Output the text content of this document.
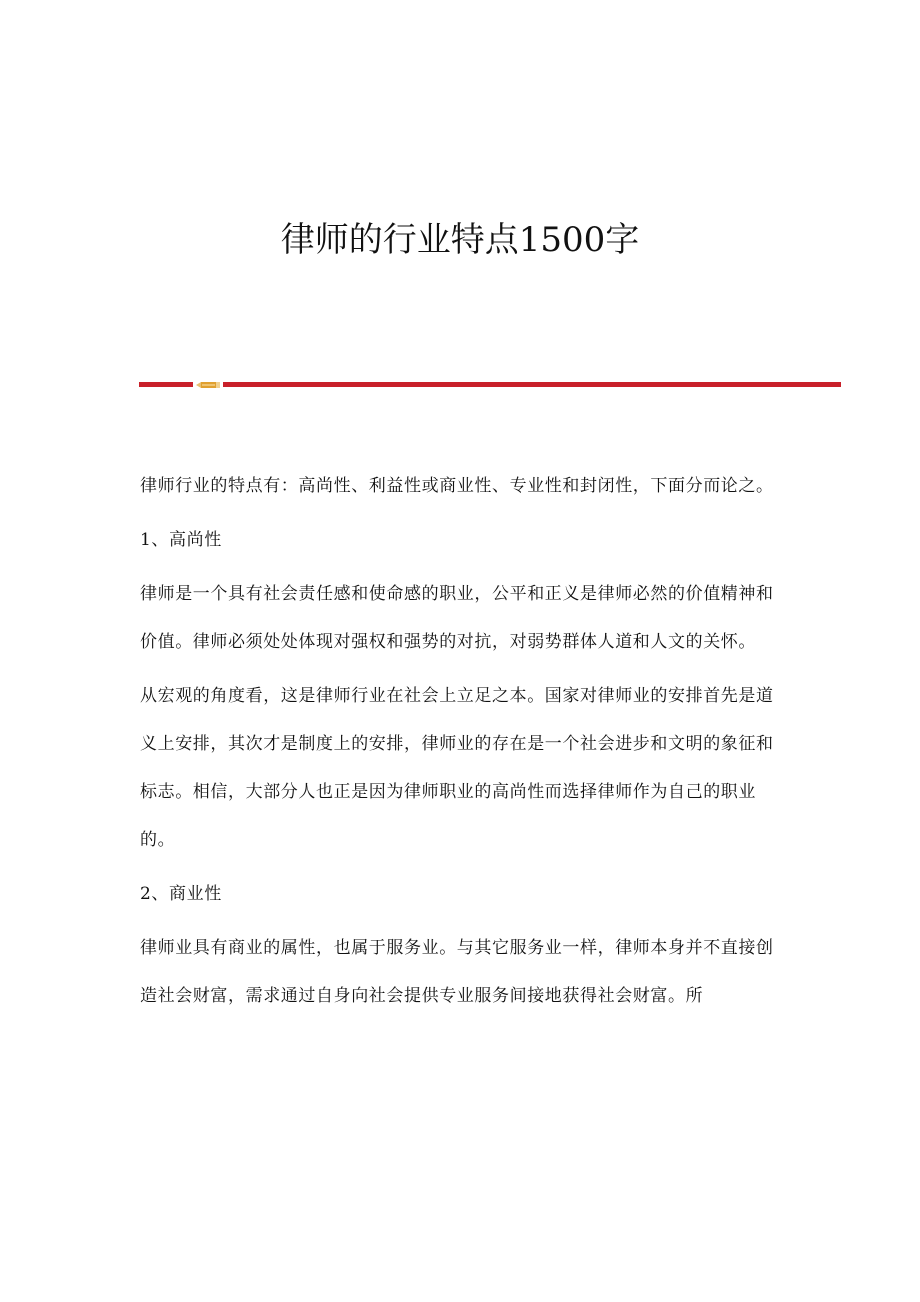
律师的行业特点1500字

律师行业的特点有：高尚性、利益性或商业性、专业性和封闭性，下面分而论之。

1、高尚性

律师是一个具有社会责任感和使命感的职业，公平和正义是律师必然的价值精神和价值。律师必须处处体现对强权和强势的对抗，对弱势群体人道和人文的关怀。

从宏观的角度看，这是律师行业在社会上立足之本。国家对律师业的安排首先是道义上安排，其次才是制度上的安排，律师业的存在是一个社会进步和文明的象征和标志。相信，大部分人也正是因为律师职业的高尚性而选择律师作为自己的职业的。

2、商业性

律师业具有商业的属性，也属于服务业。与其它服务业一样，律师本身并不直接创造社会财富，需求通过自身向社会提供专业服务间接地获得社会财富。所
